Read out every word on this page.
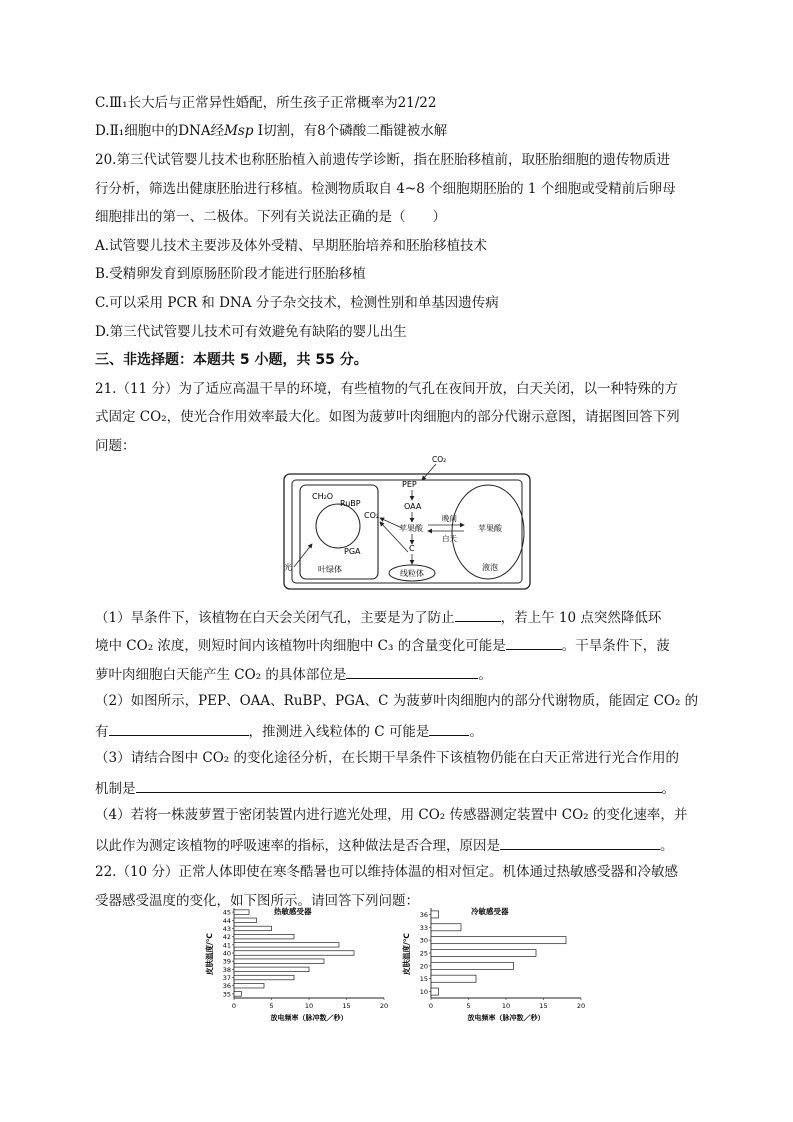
C.Ⅲ₁长大后与正常异性婚配，所生孩子正常概率为21/22
D.Ⅱ₁细胞中的DNA经Msp Ⅰ切割，有8个磷酸二酯键被水解
20.第三代试管婴儿技术也称胚胎植入前遗传学诊断，指在胚胎移植前，取胚胎细胞的遗传物质进
行分析，筛选出健康胚胎进行移植。检测物质取自 4~8 个细胞期胚胎的 1 个细胞或受精前后卵母
细胞排出的第一、二极体。下列有关说法正确的是（　　）
A.试管婴儿技术主要涉及体外受精、早期胚胎培养和胚胎移植技术
B.受精卵发育到原肠胚阶段才能进行胚胎移植
C.可以采用 PCR 和 DNA 分子杂交技术，检测性别和单基因遗传病
D.第三代试管婴儿技术可有效避免有缺陷的婴儿出生
三、非选择题：本题共 5 小题，共 55 分。
21.（11 分）为了适应高温干旱的环境，有些植物的气孔在夜间开放，白天关闭，以一种特殊的方
式固定 CO₂，使光合作用效率最大化。如图为菠萝叶肉细胞内的部分代谢示意图，请据图回答下列
问题：
CH₂O
RuBP
PGA
叶绿体
CO₂
光
CO₂
PEP
OAA
苹果酸
C
线粒体
晚间
白天
苹果酸
液泡
（1）旱条件下，该植物在白天会关闭气孔，主要是为了防止	，若上午 10 点突然降低环
境中 CO₂ 浓度，则短时间内该植物叶肉细胞中 C₃ 的含量变化可能是	。干旱条件下，菠
萝叶肉细胞白天能产生 CO₂ 的具体部位是	。
（2）如图所示，PEP、OAA、RuBP、PGA、C 为菠萝叶肉细胞内的部分代谢物质，能固定 CO₂ 的
有	，推测进入线粒体的 C 可能是	。
（3）请结合图中 CO₂ 的变化途径分析，在长期干旱条件下该植物仍能在白天正常进行光合作用的
机制是	。
（4）若将一株菠萝置于密闭装置内进行遮光处理，用 CO₂ 传感器测定装置中 CO₂ 的变化速率，并
以此作为测定该植物的呼吸速率的指标，这种做法是否合理，原因是	。
22.（10 分）正常人体即使在寒冬酷暑也可以维持体温的相对恒定。机体通过热敏感受器和冷敏感
受器感受温度的变化，如下图所示。请回答下列问题：
热敏感受器
皮肤温度/℃
35
36
37
38
39
40
41
42
43
44
45
0	5	10	15	20
放电频率（脉冲数／秒）
冷敏感受器
皮肤温度/℃
10
15
20
25
30
33
36
0	5	10	15	20
放电频率（脉冲数／秒）
